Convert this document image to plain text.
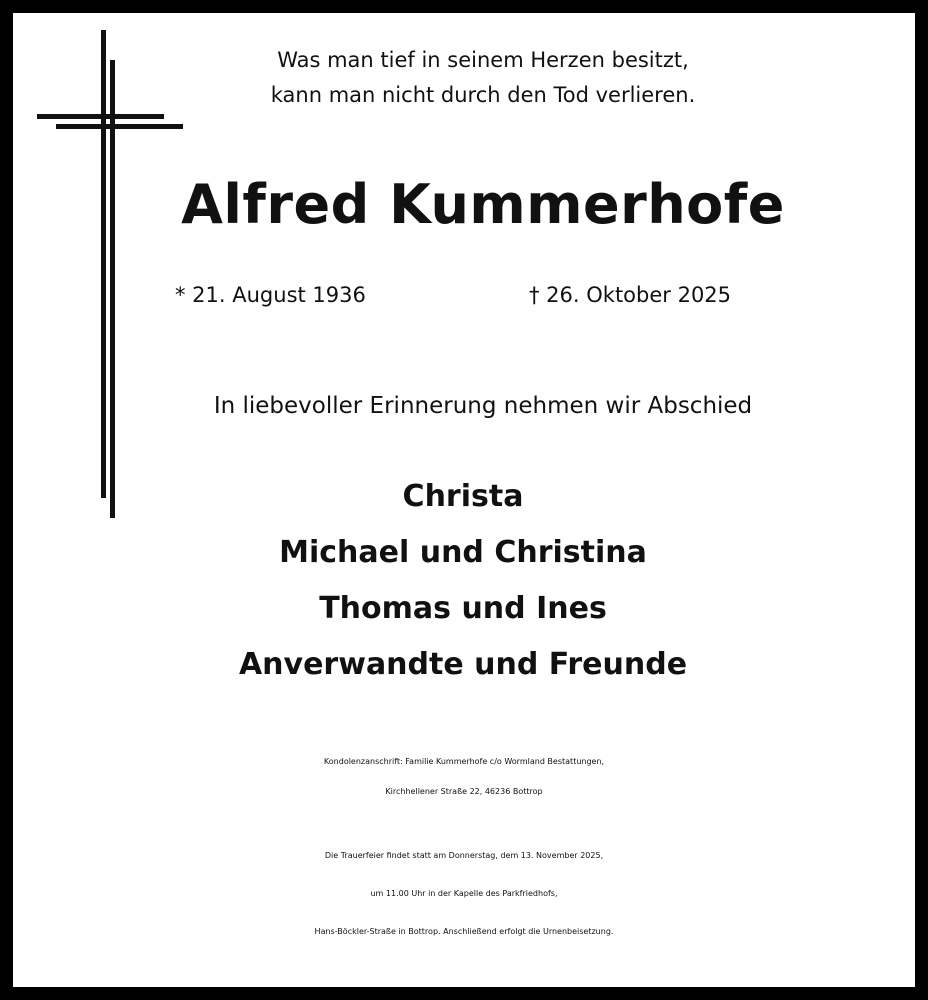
Was man tief in seinem Herzen besitzt,
kann man nicht durch den Tod verlieren.
Alfred Kummerhofe
* 21. August 1936	† 26. Oktober 2025
In liebevoller Erinnerung nehmen wir Abschied
Christa
Michael und Christina
Thomas und Ines
Anverwandte und Freunde
Kondolenzanschrift: Familie Kummerhofe c/o Wormland Bestattungen,
Kirchhellener Straße 22, 46236 Bottrop
Die Trauerfeier findet statt am Donnerstag, dem 13. November 2025,
um 11.00 Uhr in der Kapelle des Parkfriedhofs,
Hans-Böckler-Straße in Bottrop. Anschließend erfolgt die Urnenbeisetzung.
